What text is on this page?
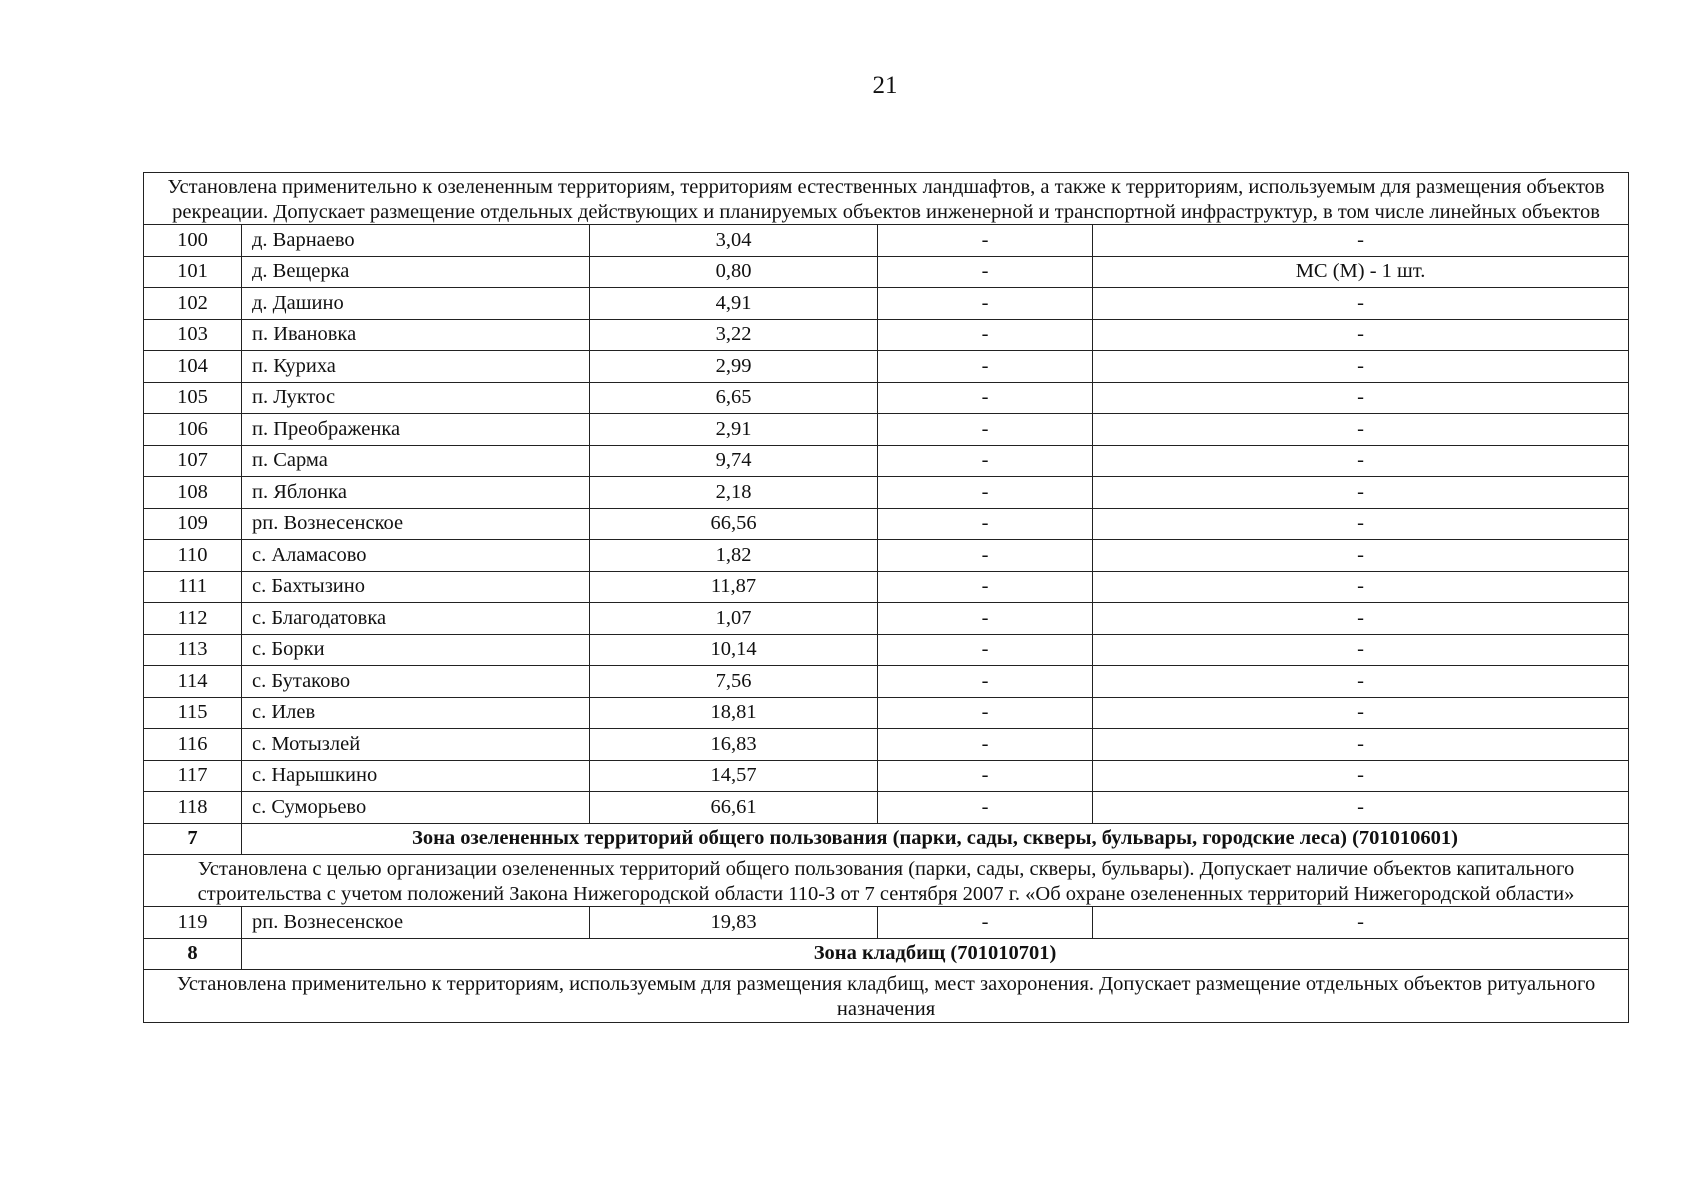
21
Установлена применительно к озелененным территориям, территориям естественных ландшафтов, а также к территориям, используемым для размещения объектов рекреации. Допускает размещение отдельных действующих и планируемых объектов инженерной и транспортной инфраструктур, в том числе линейных объектов				
100	д. Варнаево	3,04	-	-
101	д. Вещерка	0,80	-	МС (М) - 1 шт.
102	д. Дашино	4,91	-	-
103	п. Ивановка	3,22	-	-
104	п. Куриха	2,99	-	-
105	п. Луктос	6,65	-	-
106	п. Преображенка	2,91	-	-
107	п. Сарма	9,74	-	-
108	п. Яблонка	2,18	-	-
109	рп. Вознесенское	66,56	-	-
110	с. Аламасово	1,82	-	-
111	с. Бахтызино	11,87	-	-
112	с. Благодатовка	1,07	-	-
113	с. Борки	10,14	-	-
114	с. Бутаково	7,56	-	-
115	с. Илев	18,81	-	-
116	с. Мотызлей	16,83	-	-
117	с. Нарышкино	14,57	-	-
118	с. Суморьево	66,61	-	-
7	Зона озелененных территорий общего пользования (парки, сады, скверы, бульвары, городские леса) (701010601)			
Установлена с целью организации озелененных территорий общего пользования (парки, сады, скверы, бульвары). Допускает наличие объектов капитального строительства с учетом положений Закона Нижегородской области 110-З от 7 сентября 2007 г. «Об охране озелененных территорий Нижегородской области»				
119	рп. Вознесенское	19,83	-	-
8	Зона кладбищ (701010701)			
Установлена применительно к территориям, используемым для размещения кладбищ, мест захоронения. Допускает размещение отдельных объектов ритуального назначения				
